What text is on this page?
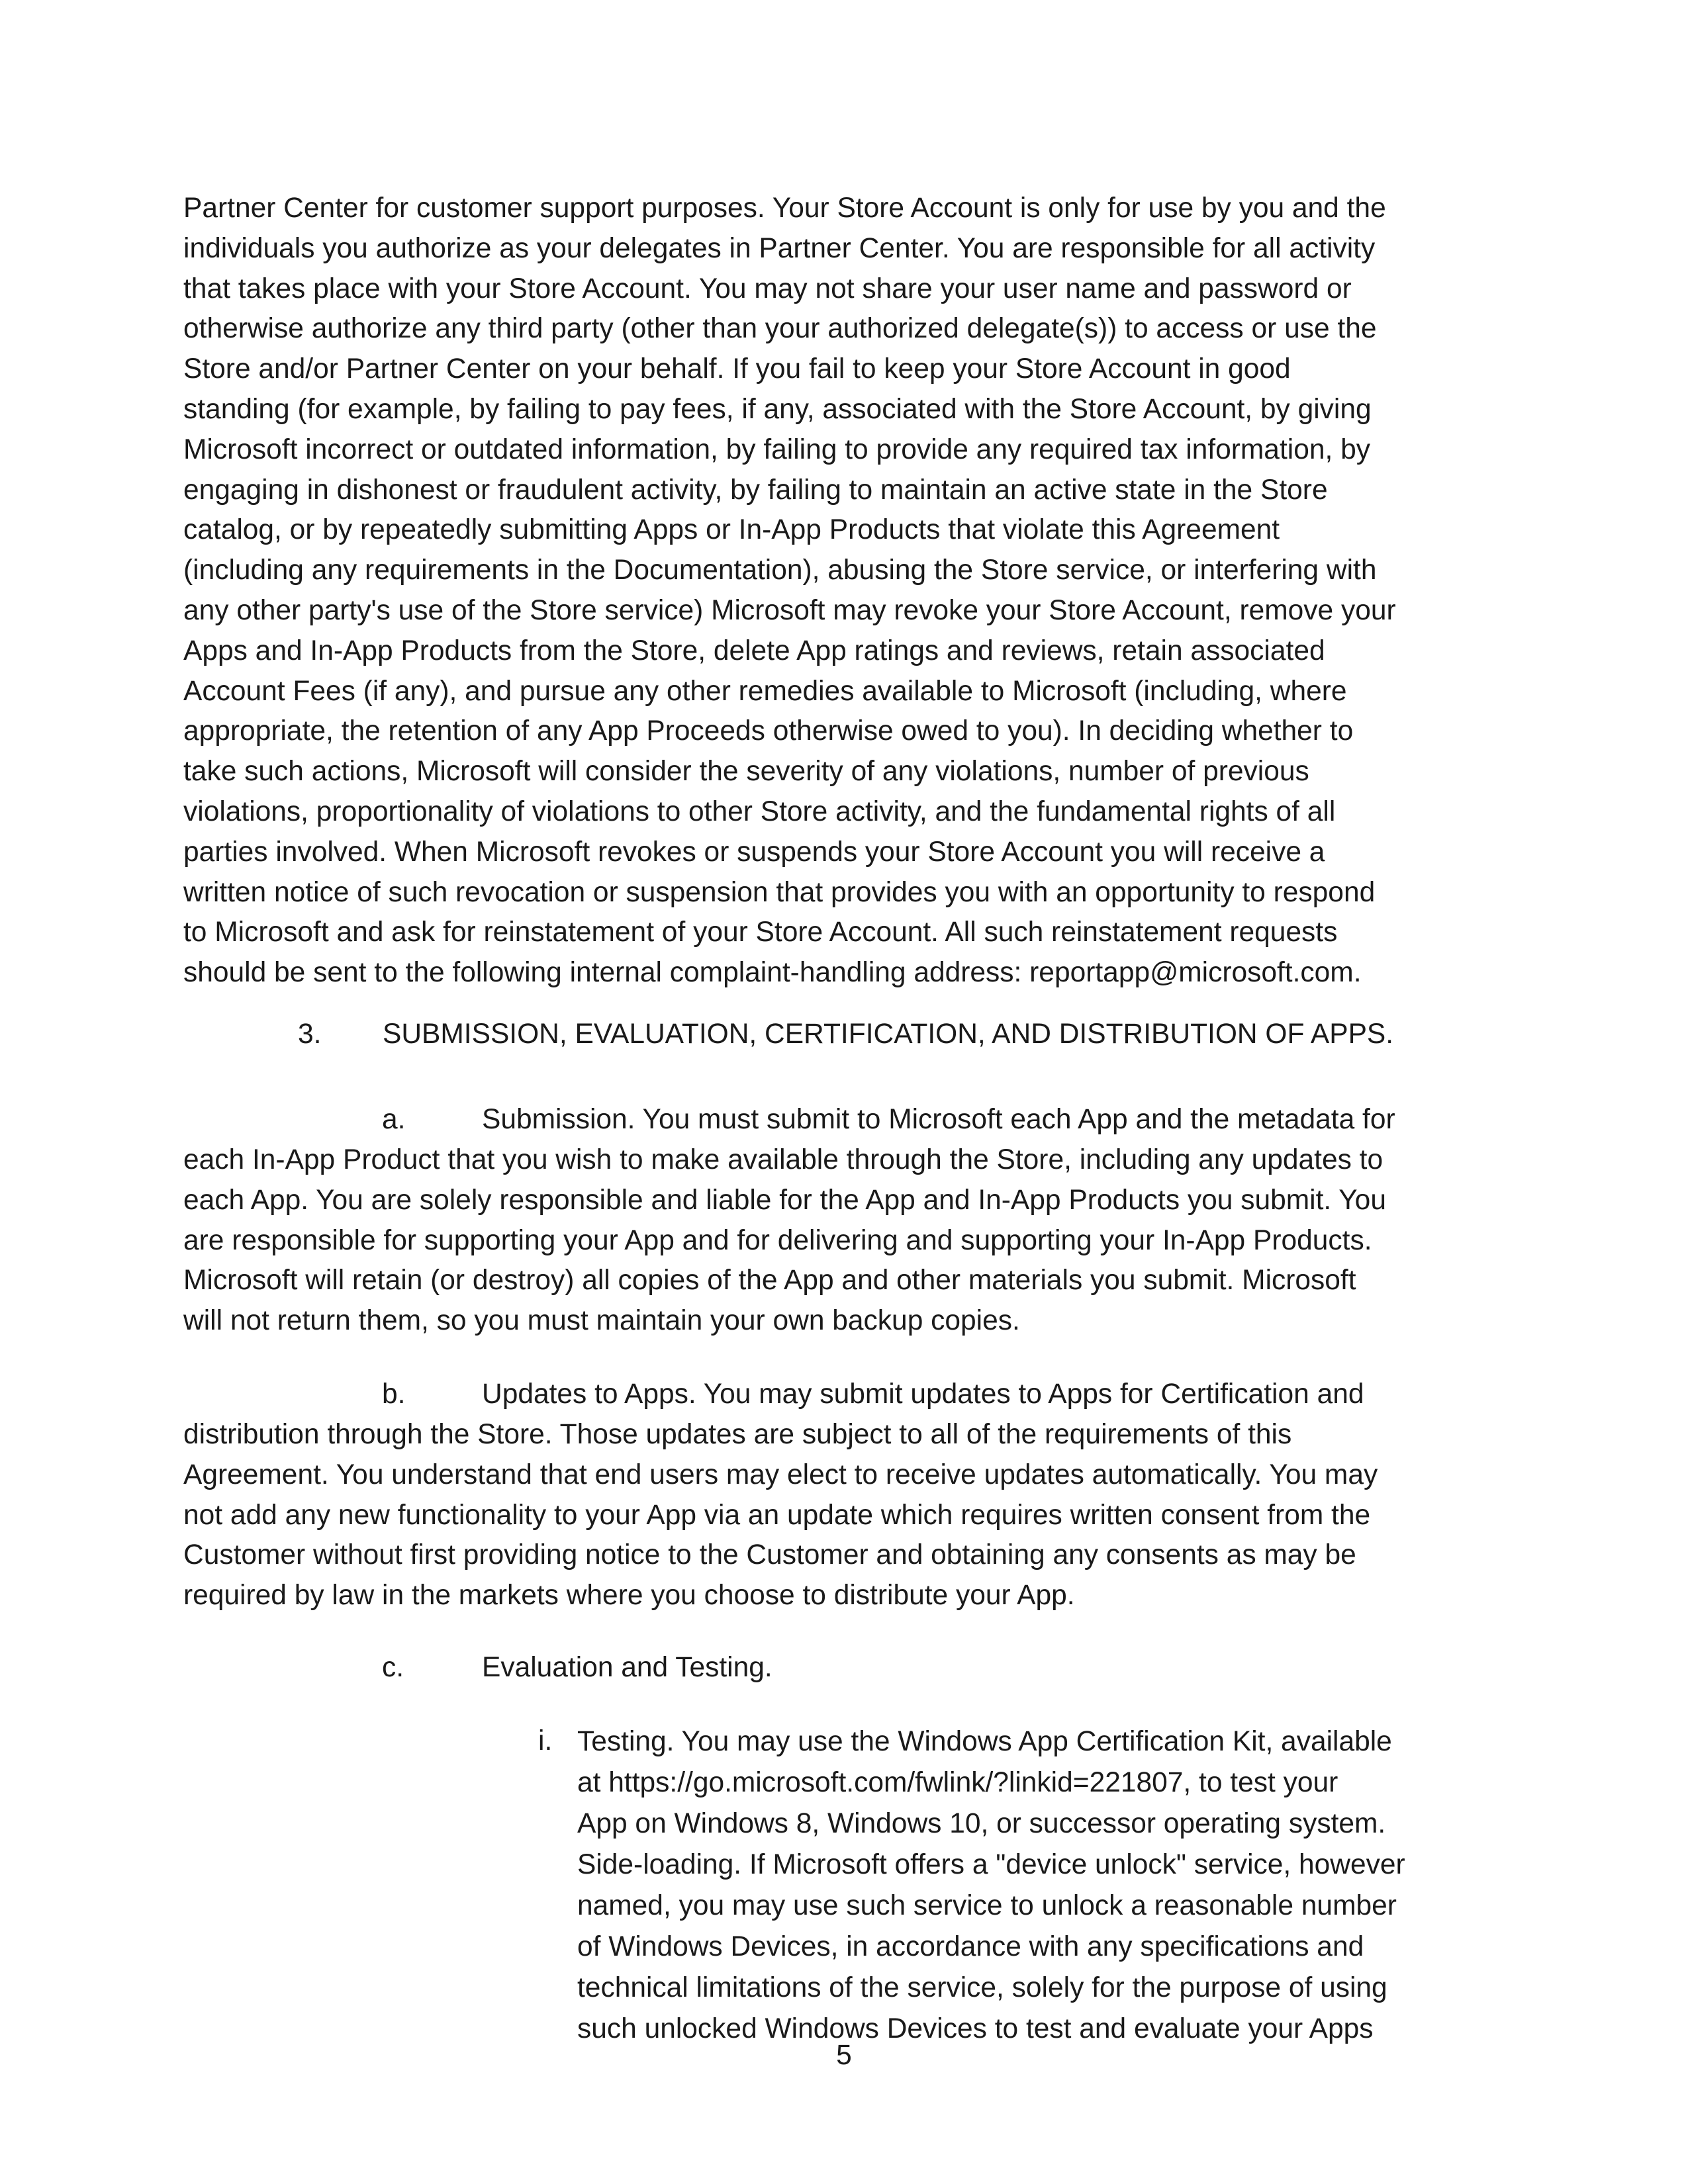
Partner Center for customer support purposes. Your Store Account is only for use by you and the
individuals you authorize as your delegates in Partner Center. You are responsible for all activity
that takes place with your Store Account. You may not share your user name and password or
otherwise authorize any third party (other than your authorized delegate(s)) to access or use the
Store and/or Partner Center on your behalf. If you fail to keep your Store Account in good
standing (for example, by failing to pay fees, if any, associated with the Store Account, by giving
Microsoft incorrect or outdated information, by failing to provide any required tax information, by
engaging in dishonest or fraudulent activity, by failing to maintain an active state in the Store
catalog, or by repeatedly submitting Apps or In-App Products that violate this Agreement
(including any requirements in the Documentation), abusing the Store service, or interfering with
any other party's use of the Store service) Microsoft may revoke your Store Account, remove your
Apps and In-App Products from the Store, delete App ratings and reviews, retain associated
Account Fees (if any), and pursue any other remedies available to Microsoft (including, where
appropriate, the retention of any App Proceeds otherwise owed to you). In deciding whether to
take such actions, Microsoft will consider the severity of any violations, number of previous
violations, proportionality of violations to other Store activity, and the fundamental rights of all
parties involved. When Microsoft revokes or suspends your Store Account you will receive a
written notice of such revocation or suspension that provides you with an opportunity to respond
to Microsoft and ask for reinstatement of your Store Account. All such reinstatement requests
should be sent to the following internal complaint-handling address: reportapp@microsoft.com.
3. SUBMISSION, EVALUATION, CERTIFICATION, AND DISTRIBUTION OF APPS.
a.	Submission. You must submit to Microsoft each App and the metadata for
each In-App Product that you wish to make available through the Store, including any updates to
each App. You are solely responsible and liable for the App and In-App Products you submit. You
are responsible for supporting your App and for delivering and supporting your In-App Products.
Microsoft will retain (or destroy) all copies of the App and other materials you submit. Microsoft
will not return them, so you must maintain your own backup copies.
b.	Updates to Apps. You may submit updates to Apps for Certification and
distribution through the Store. Those updates are subject to all of the requirements of this
Agreement. You understand that end users may elect to receive updates automatically. You may
not add any new functionality to your App via an update which requires written consent from the
Customer without first providing notice to the Customer and obtaining any consents as may be
required by law in the markets where you choose to distribute your App.
c.	Evaluation and Testing.
i. Testing. You may use the Windows App Certification Kit, available
at https://go.microsoft.com/fwlink/?linkid=221807, to test your
App on Windows 8, Windows 10, or successor operating system.
Side-loading. If Microsoft offers a "device unlock" service, however
named, you may use such service to unlock a reasonable number
of Windows Devices, in accordance with any specifications and
technical limitations of the service, solely for the purpose of using
such unlocked Windows Devices to test and evaluate your Apps
5
